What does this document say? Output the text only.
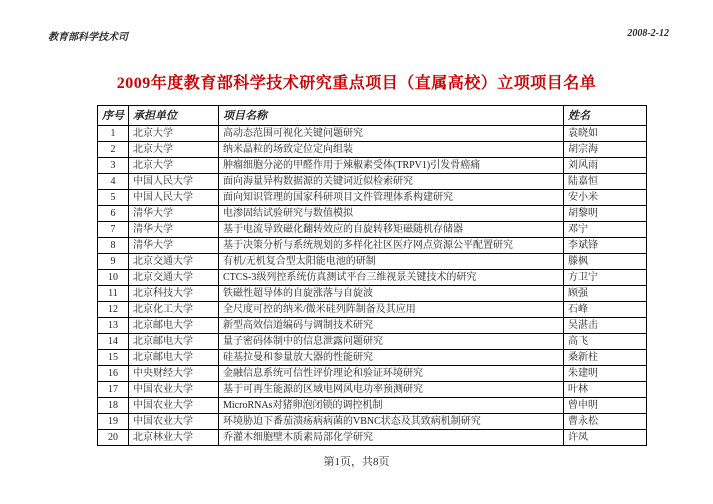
教育部科学技术司	2008-2-12
2009年度教育部科学技术研究重点项目（直属高校）立项项目名单
序号	承担单位	项目名称	姓名
1	北京大学	高动态范围可视化关键问题研究	袁晓如
2	北京大学	纳米晶粒的场致定位定向组装	胡宗海
3	北京大学	肿瘤细胞分泌的甲醛作用于辣椒素受体(TRPV1)引发骨癌痛	刘风雨
4	中国人民大学	面向海量异构数据源的关键词近似检索研究	陆嘉恒
5	中国人民大学	面向知识管理的国家科研项目文件管理体系构建研究	安小米
6	清华大学	电渗固结试验研究与数值模拟	胡黎明
7	清华大学	基于电流导致磁化翻转效应的自旋转移矩磁随机存储器	邓宁
8	清华大学	基于决策分析与系统规划的多样化社区医疗网点资源公平配置研究	李斌锋
9	北京交通大学	有机/无机复合型太阳能电池的研制	滕枫
10	北京交通大学	CTCS-3级列控系统仿真测试平台三维视景关键技术的研究	方卫宁
11	北京科技大学	铁磁性超导体的自旋涨落与自旋波	顾强
12	北京化工大学	全尺度可控的纳米/微米硅列阵制备及其应用	石峰
13	北京邮电大学	新型高效信道编码与调制技术研究	吴湛击
14	北京邮电大学	量子密码体制中的信息泄露问题研究	高飞
15	北京邮电大学	硅基拉曼和参量放大器的性能研究	桑新柱
16	中央财经大学	金融信息系统可信性评价理论和验证环境研究	朱建明
17	中国农业大学	基于可再生能源的区域电网风电功率预测研究	叶林
18	中国农业大学	MicroRNAs对猪卵泡闭锁的调控机制	曾申明
19	中国农业大学	环境胁迫下番茄溃疡病病菌的VBNC状态及其致病机制研究	曹永松
20	北京林业大学	乔灌木细胞壁木质素局部化学研究	许凤
第1页，共8页
